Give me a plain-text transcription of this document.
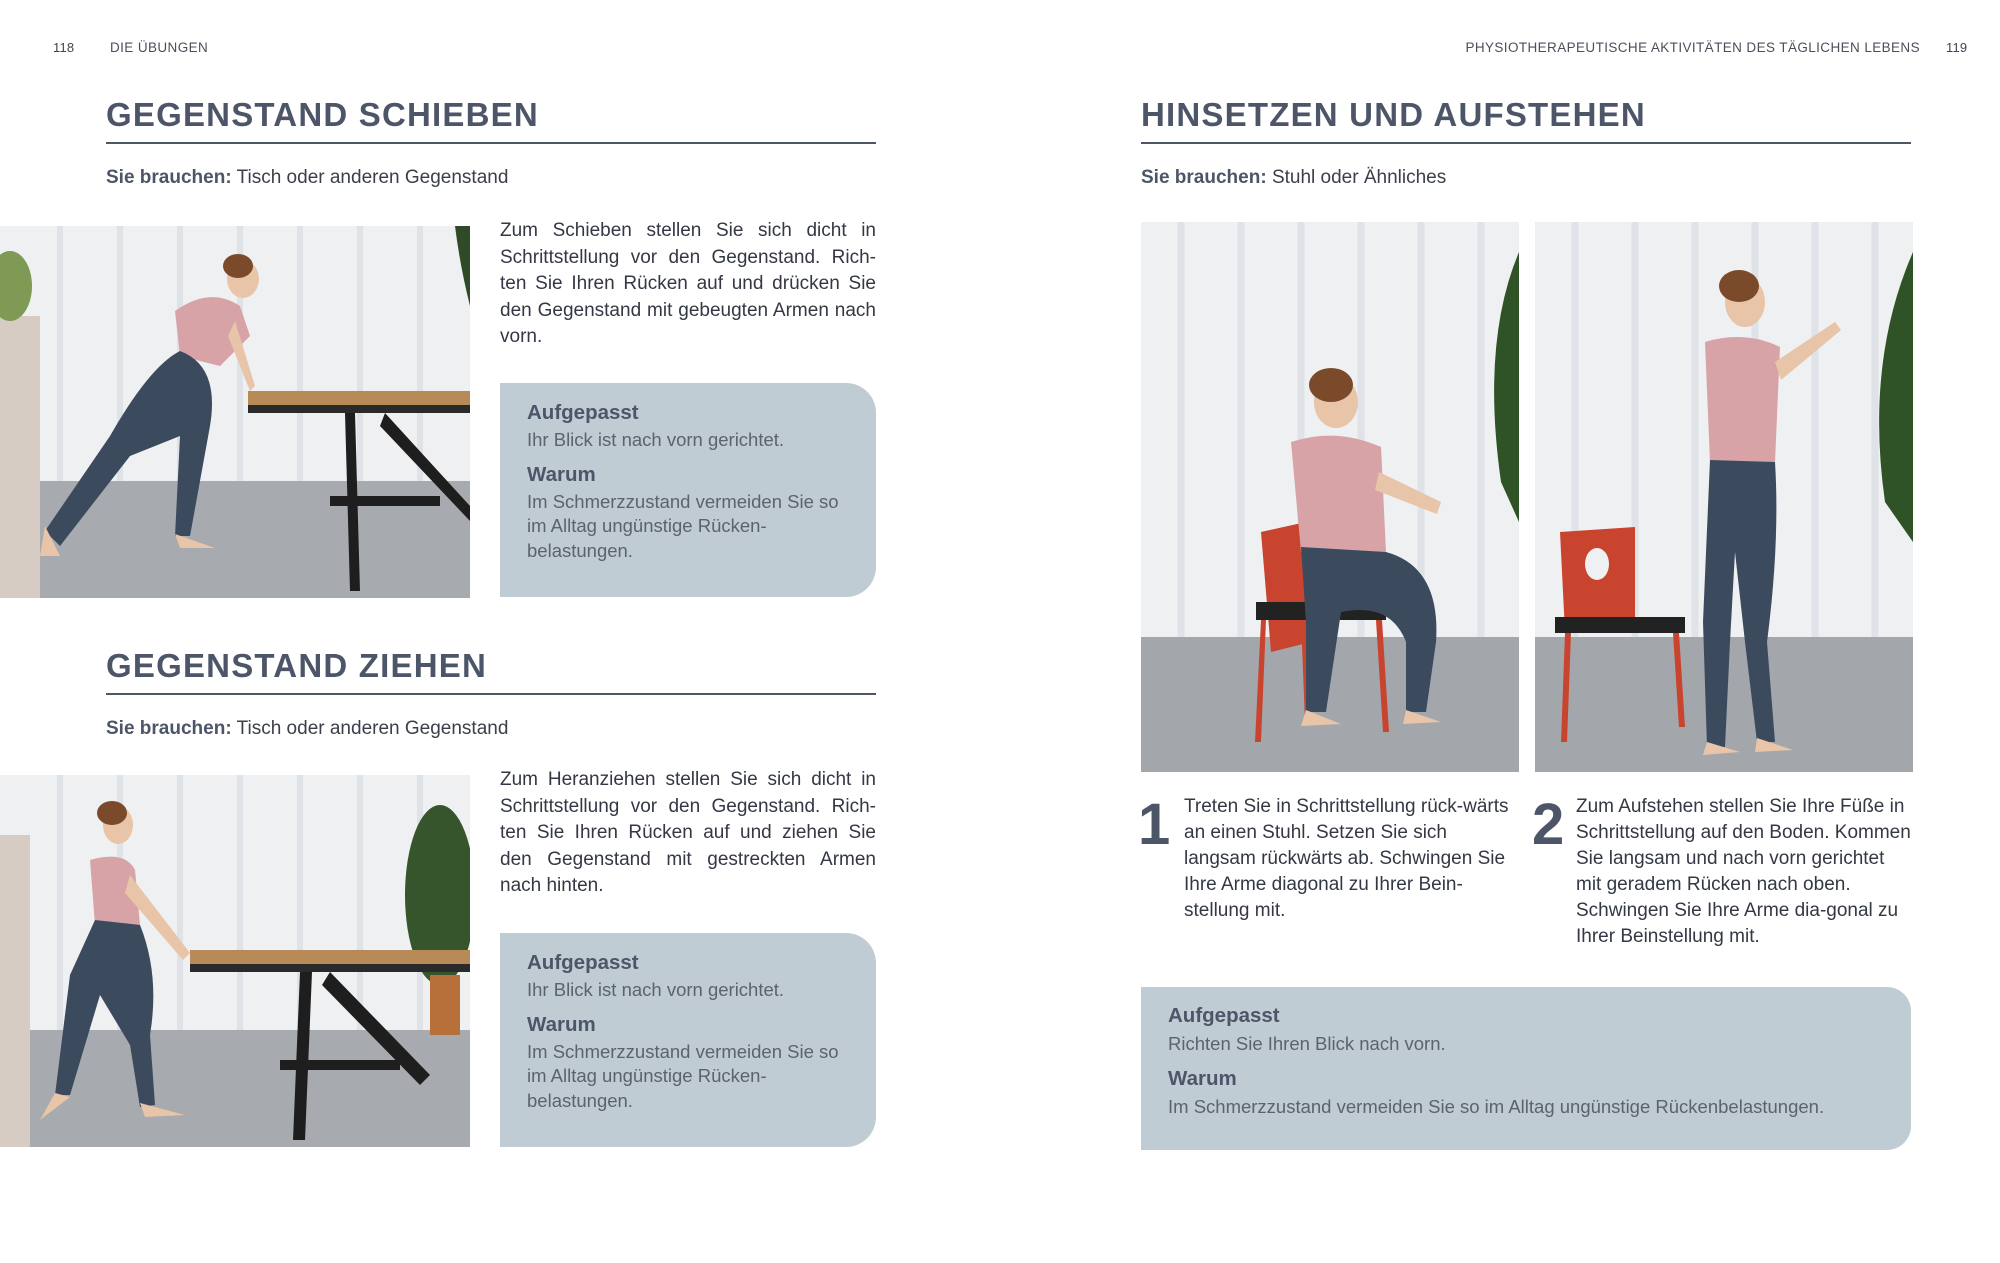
118	DIE ÜBUNGEN	PHYSIOTHERAPEUTISCHE AKTIVITÄTEN DES TÄGLICHEN LEBENS 119
GEGENSTAND SCHIEBEN
Sie brauchen: Tisch oder anderen Gegenstand
Zum Schieben stellen Sie sich dicht in Schrittstellung vor den Gegenstand. Rich-ten Sie Ihren Rücken auf und drücken Sie den Gegenstand mit gebeugten Armen nach vorn.
Aufgepasst
Ihr Blick ist nach vorn gerichtet.
Warum
Im Schmerzzustand vermeiden Sie so im Alltag ungünstige Rücken-belastungen.
GEGENSTAND ZIEHEN
Sie brauchen: Tisch oder anderen Gegenstand
Zum Heranziehen stellen Sie sich dicht in Schrittstellung vor den Gegenstand. Rich-ten Sie Ihren Rücken auf und ziehen Sie den Gegenstand mit gestreckten Armen nach hinten.
Aufgepasst
Ihr Blick ist nach vorn gerichtet.
Warum
Im Schmerzzustand vermeiden Sie so im Alltag ungünstige Rücken-belastungen.
HINSETZEN UND AUFSTEHEN
Sie brauchen: Stuhl oder Ähnliches
1 Treten Sie in Schrittstellung rück-wärts an einen Stuhl. Setzen Sie sich langsam rückwärts ab. Schwingen Sie Ihre Arme diagonal zu Ihrer Bein-stellung mit.
2 Zum Aufstehen stellen Sie Ihre Füße in Schrittstellung auf den Boden. Kommen Sie langsam und nach vorn gerichtet mit geradem Rücken nach oben. Schwingen Sie Ihre Arme dia-gonal zu Ihrer Beinstellung mit.
Aufgepasst
Richten Sie Ihren Blick nach vorn.
Warum
Im Schmerzzustand vermeiden Sie so im Alltag ungünstige Rückenbelastungen.
